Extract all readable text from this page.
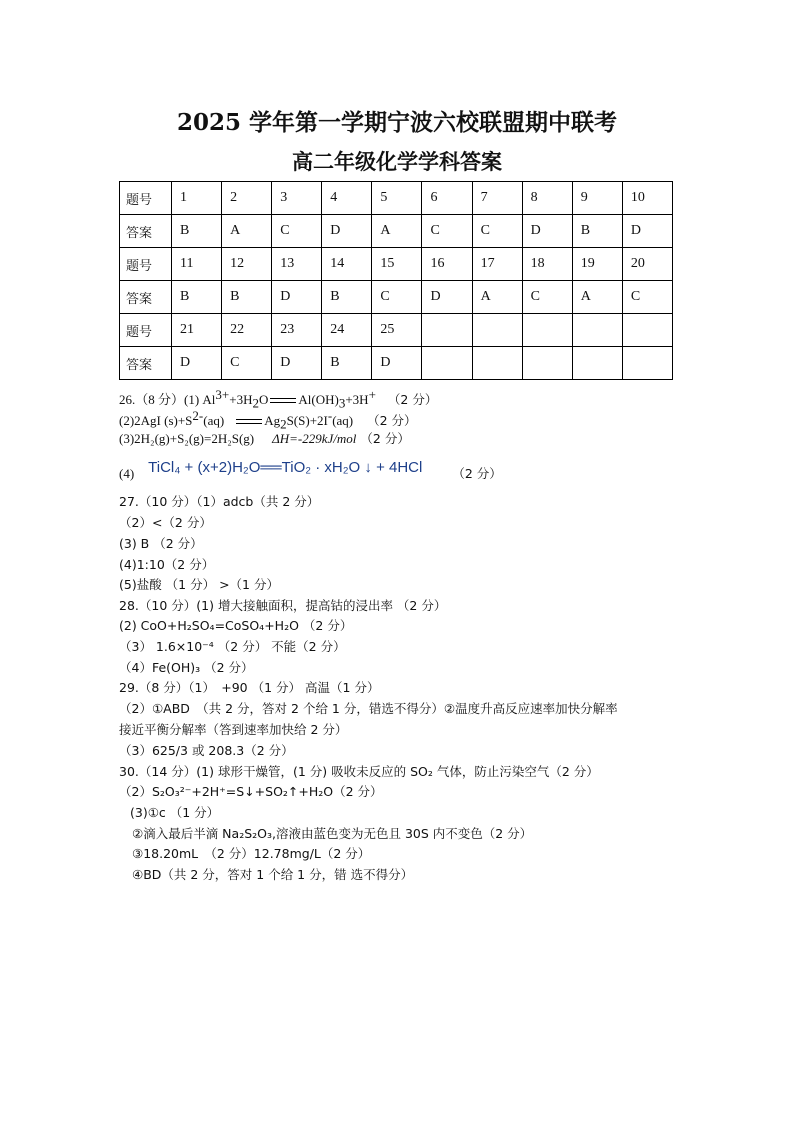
2025 学年第一学期宁波六校联盟期中联考
高二年级化学学科答案
题号	1	2	3	4	5	6	7	8	9	10
答案	B	A	C	D	A	C	C	D	B	D
题号	11	12	13	14	15	16	17	18	19	20
答案	B	B	D	B	C	D	A	C	A	C
题号	21	22	23	24	25					
答案	D	C	D	B	D					
26.（8 分）(1) $Al^{3+}+3H_2O$ $Al(OH)_3+3H^+$ （2 分）
(2)2AgI $(s)+S^{2-}(aq)$	$Ag_2S(S)+2I^-(aq)$ （2 分）
(3)2H₂(g)+S₂(g)=2H₂S(g) ΔH=-229kJ/mol （2 分）
(4) TiCl₄ + (x+2)H₂O══TiO₂ · xH₂O ↓ + 4HCl （2 分）
27.（10 分）（1）adcb（共 2 分）
（2）<（2 分）
(3) B （2 分）
(4)1:10（2 分）
(5)盐酸 （1 分） >（1 分）
28.（10 分）(1) 增大接触面积，提高钴的浸出率 （2 分）
(2) CoO+H₂SO₄=CoSO₄+H₂O （2 分）
（3） 1.6×10⁻⁴ （2 分） 不能（2 分）
（4）Fe(OH)₃ （2 分）
29.（8 分）（1）　+90 （1 分） 高温（1 分）
（2）①ABD　（共 2 分，答对 2 个给 1 分，错选不得分）②温度升高反应速率加快分解率
接近平衡分解率（答到速率加快给 2 分）
（3）625/3 或 208.3（2 分）
30.（14 分）(1) 球形干燥管，(1 分) 吸收未反应的 SO₂ 气体，防止污染空气（2 分）
（2）S₂O₃²⁻+2H⁺=S↓+SO₂↑+H₂O（2 分）
(3)①c （1 分）
②滴入最后半滴 Na₂S₂O₃,溶液由蓝色变为无色且 30S 内不变色（2 分）
③18.20mL　（2 分）12.78mg/L（2 分）
④BD（共 2 分，答对 1 个给 1 分，错 选不得分）
